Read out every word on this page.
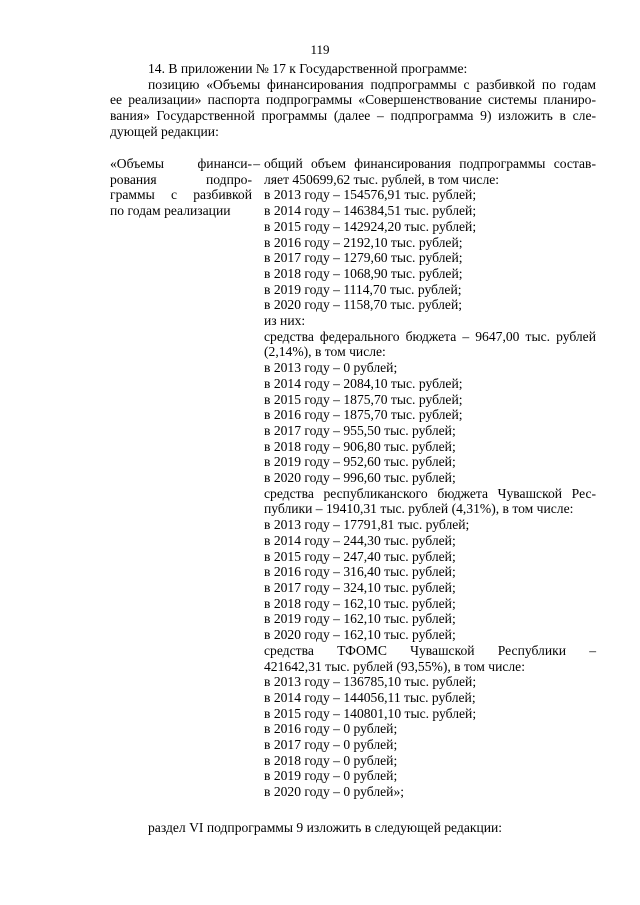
119

14. В приложении № 17 к Государственной программе:

позицию «Объемы финансирования подпрограммы с разбивкой по годам
ее реализации» паспорта подпрограммы «Совершенствование системы планиро-
вания» Государственной программы (далее – подпрограмма 9) изложить в сле-
дующей редакции:

«Объемы финанси-
рования подпро-
граммы с разбивкой
по годам реализации
– общий объем финансирования подпрограммы состав-
ляет 450699,62 тыс. рублей, в том числе:
в 2013 году – 154576,91 тыс. рублей;
в 2014 году – 146384,51 тыс. рублей;
в 2015 году – 142924,20 тыс. рублей;
в 2016 году – 2192,10 тыс. рублей;
в 2017 году – 1279,60 тыс. рублей;
в 2018 году – 1068,90 тыс. рублей;
в 2019 году – 1114,70 тыс. рублей;
в 2020 году – 1158,70 тыс. рублей;
из них:
средства федерального бюджета – 9647,00 тыс. рублей
(2,14%), в том числе:
в 2013 году – 0 рублей;
в 2014 году – 2084,10 тыс. рублей;
в 2015 году – 1875,70 тыс. рублей;
в 2016 году – 1875,70 тыс. рублей;
в 2017 году – 955,50 тыс. рублей;
в 2018 году – 906,80 тыс. рублей;
в 2019 году – 952,60 тыс. рублей;
в 2020 году – 996,60 тыс. рублей;
средства республиканского бюджета Чувашской Рес-
публики – 19410,31 тыс. рублей (4,31%), в том числе:
в 2013 году – 17791,81 тыс. рублей;
в 2014 году – 244,30 тыс. рублей;
в 2015 году – 247,40 тыс. рублей;
в 2016 году – 316,40 тыс. рублей;
в 2017 году – 324,10 тыс. рублей;
в 2018 году – 162,10 тыс. рублей;
в 2019 году – 162,10 тыс. рублей;
в 2020 году – 162,10 тыс. рублей;
средства ТФОМС Чувашской Республики –
421642,31 тыс. рублей (93,55%), в том числе:
в 2013 году – 136785,10 тыс. рублей;
в 2014 году – 144056,11 тыс. рублей;
в 2015 году – 140801,10 тыс. рублей;
в 2016 году – 0 рублей;
в 2017 году – 0 рублей;
в 2018 году – 0 рублей;
в 2019 году – 0 рублей;
в 2020 году – 0 рублей»;
раздел VI подпрограммы 9 изложить в следующей редакции:
